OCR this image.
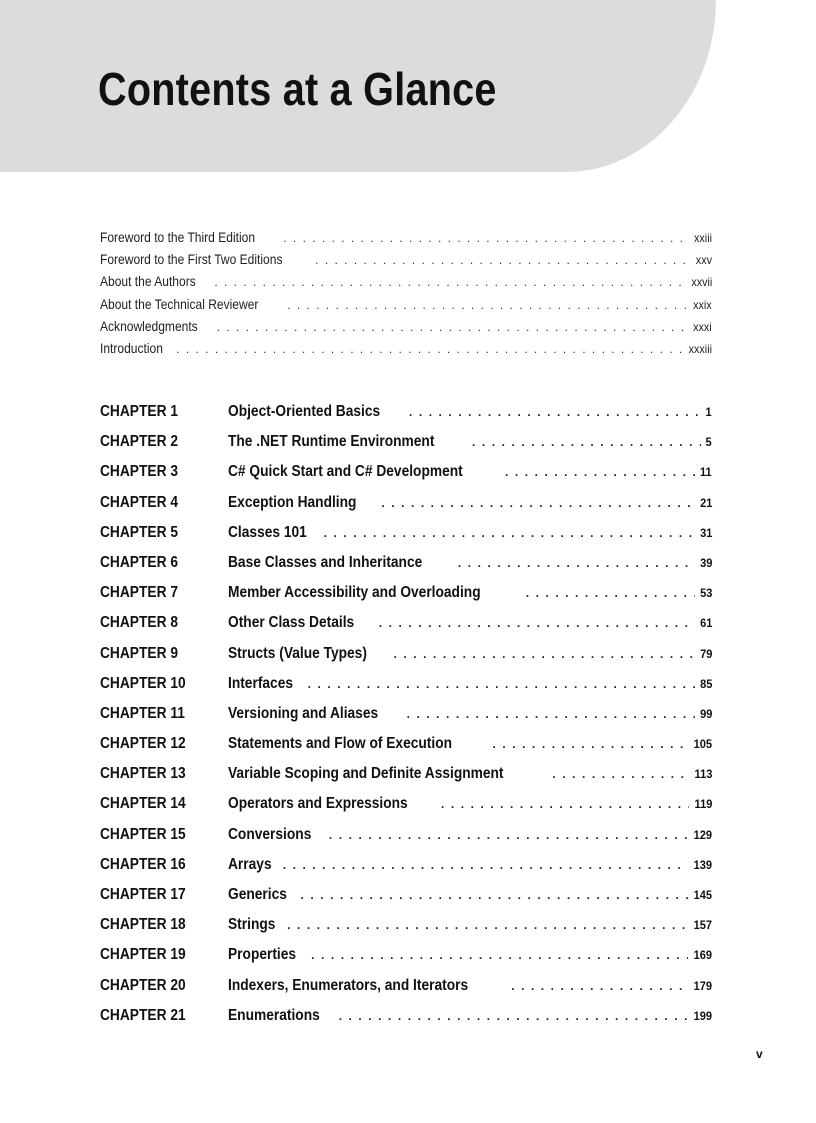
Contents at a Glance
Foreword to the Third Edition . . .	xxiii
Foreword to the First Two Editions . . .	xxv
About the Authors . . .	xxvii
About the Technical Reviewer . . .	xxix
Acknowledgments . . .	xxxi
Introduction . . .	xxxiii
CHAPTER 1	Object-Oriented Basics . . .	1
CHAPTER 2	The .NET Runtime Environment . . .	5
CHAPTER 3	C# Quick Start and C# Development . . .	11
CHAPTER 4	Exception Handling . . .	21
CHAPTER 5	Classes 101 . . .	31
CHAPTER 6	Base Classes and Inheritance . . .	39
CHAPTER 7	Member Accessibility and Overloading . . .	53
CHAPTER 8	Other Class Details . . .	61
CHAPTER 9	Structs (Value Types) . . .	79
CHAPTER 10	Interfaces . . .	85
CHAPTER 11	Versioning and Aliases . . .	99
CHAPTER 12	Statements and Flow of Execution . . .	105
CHAPTER 13	Variable Scoping and Definite Assignment . . .	113
CHAPTER 14	Operators and Expressions . . .	119
CHAPTER 15	Conversions . . .	129
CHAPTER 16	Arrays . . .	139
CHAPTER 17	Generics . . .	145
CHAPTER 18	Strings . . .	157
CHAPTER 19	Properties . . .	169
CHAPTER 20	Indexers, Enumerators, and Iterators . . .	179
CHAPTER 21	Enumerations . . .	199
v
